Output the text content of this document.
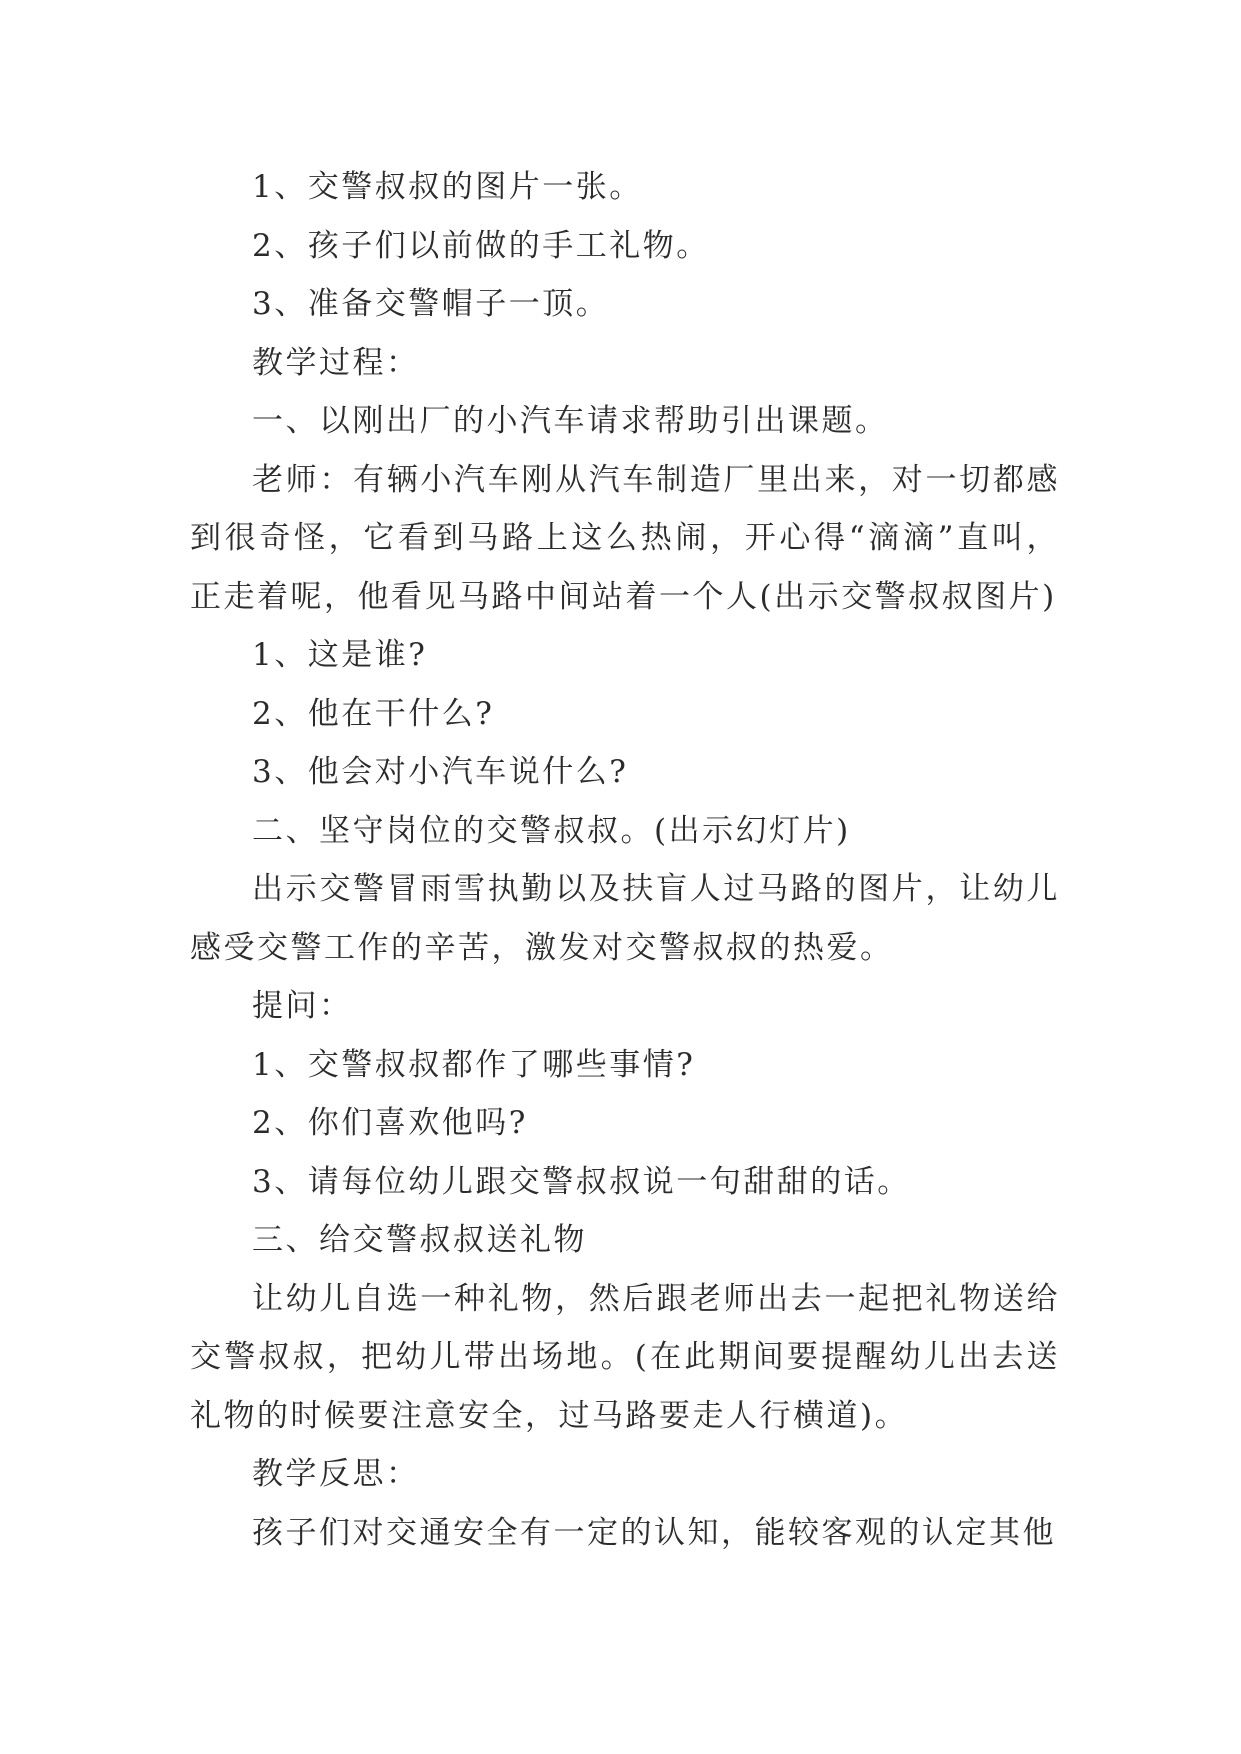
1、交警叔叔的图片一张。

2、孩子们以前做的手工礼物。

3、准备交警帽子一顶。

教学过程：

一、以刚出厂的小汽车请求帮助引出课题。

老师：有辆小汽车刚从汽车制造厂里出来，对一切都感到很奇怪，它看到马路上这么热闹，开心得“滴滴”直叫，正走着呢，他看见马路中间站着一个人(出示交警叔叔图片)

1、这是谁?

2、他在干什么?

3、他会对小汽车说什么?

二、坚守岗位的交警叔叔。(出示幻灯片)

出示交警冒雨雪执勤以及扶盲人过马路的图片，让幼儿感受交警工作的辛苦，激发对交警叔叔的热爱。

提问：

1、交警叔叔都作了哪些事情?

2、你们喜欢他吗?

3、请每位幼儿跟交警叔叔说一句甜甜的话。

三、给交警叔叔送礼物

让幼儿自选一种礼物，然后跟老师出去一起把礼物送给交警叔叔，把幼儿带出场地。(在此期间要提醒幼儿出去送礼物的时候要注意安全，过马路要走人行横道)。

教学反思：

孩子们对交通安全有一定的认知，能较客观的认定其他
